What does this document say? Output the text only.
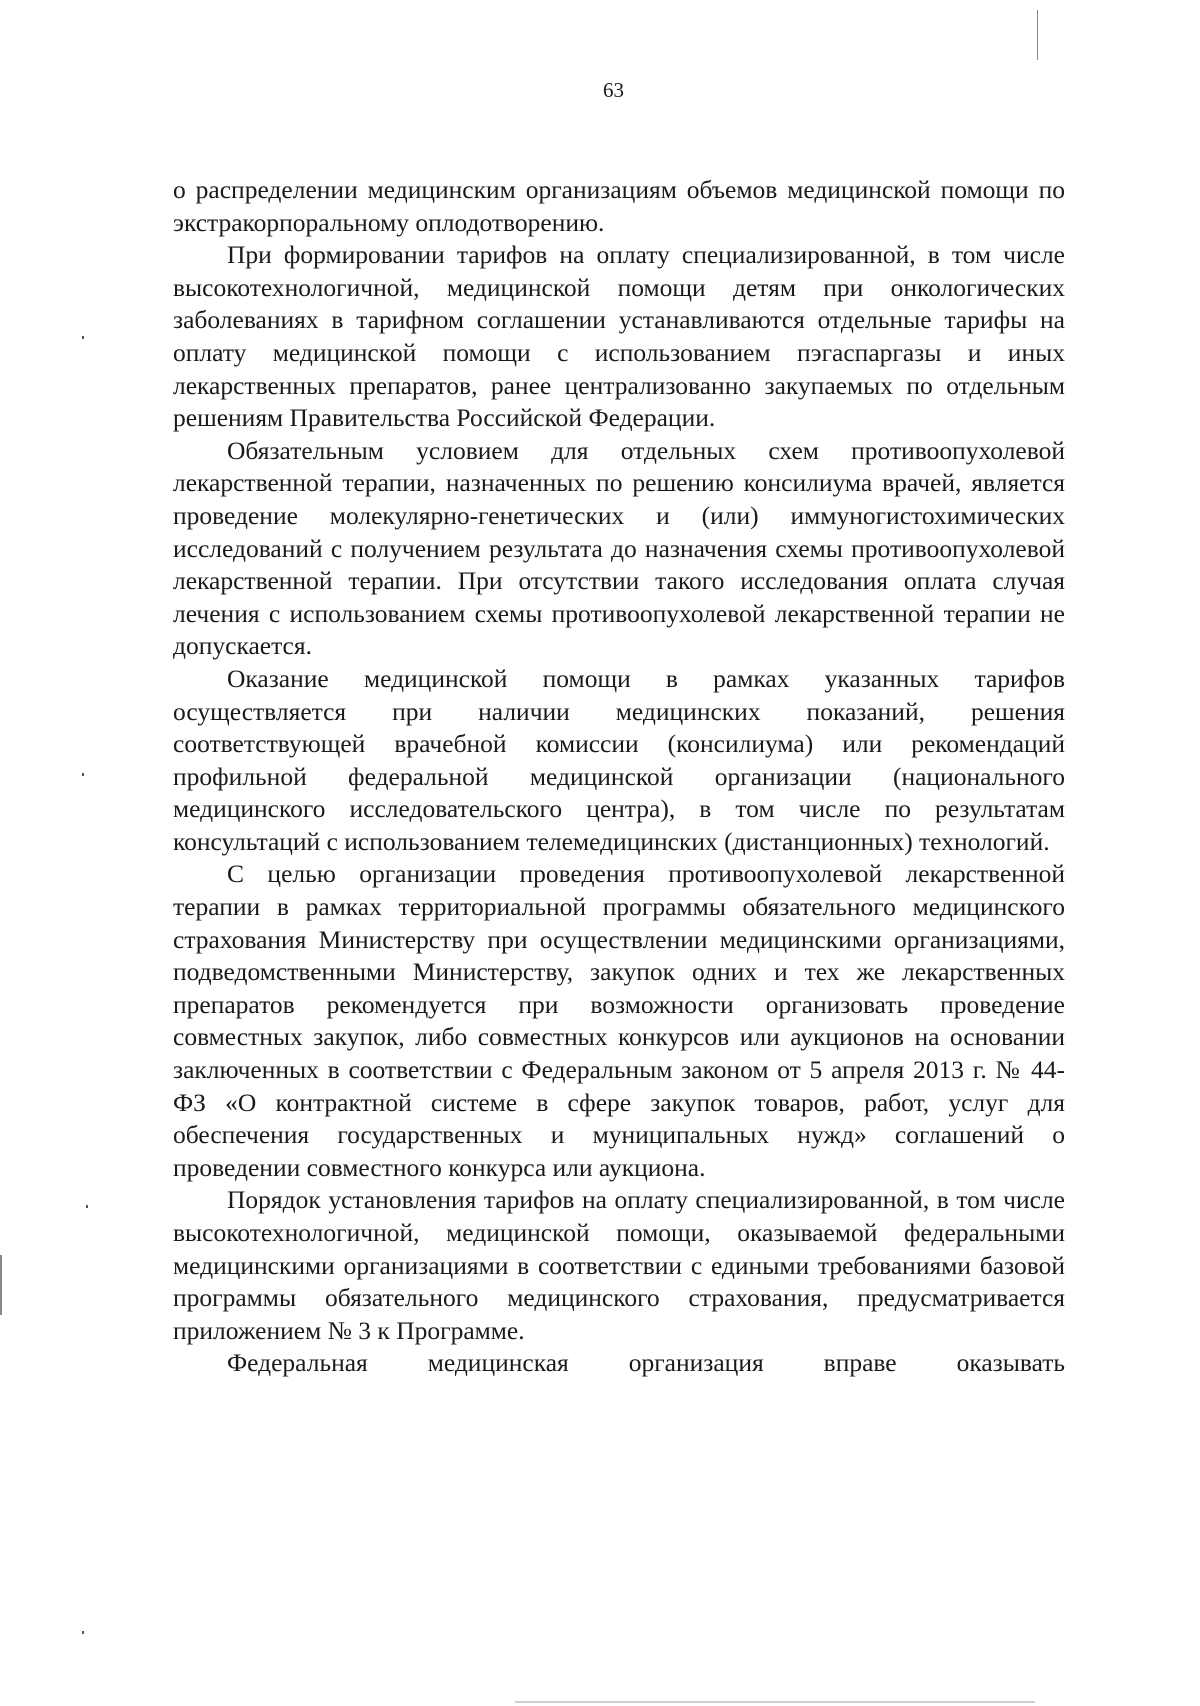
63

о распределении медицинским организациям объемов медицинской помощи по экстракорпоральному оплодотворению.

При формировании тарифов на оплату специализированной, в том числе высокотехнологичной, медицинской помощи детям при онкологических заболеваниях в тарифном соглашении устанавливаются отдельные тарифы на оплату медицинской помощи с использованием пэгаспаргазы и иных лекарственных препаратов, ранее централизованно закупаемых по отдельным решениям Правительства Российской Федерации.

Обязательным условием для отдельных схем противоопухолевой лекарственной терапии, назначенных по решению консилиума врачей, является проведение молекулярно-генетических и (или) иммуногистохимических исследований с получением результата до назначения схемы противоопухолевой лекарственной терапии. При отсутствии такого исследования оплата случая лечения с использованием схемы противоопухолевой лекарственной терапии не допускается.

Оказание медицинской помощи в рамках указанных тарифов осуществляется при наличии медицинских показаний, решения соответствующей врачебной комиссии (консилиума) или рекомендаций профильной федеральной медицинской организации (национального медицинского исследовательского центра), в том числе по результатам консультаций с использованием телемедицинских (дистанционных) технологий.

С целью организации проведения противоопухолевой лекарственной терапии в рамках территориальной программы обязательного медицинского страхования Министерству при осуществлении медицинскими организациями, подведомственными Министерству, закупок одних и тех же лекарственных препаратов рекомендуется при возможности организовать проведение совместных закупок, либо совместных конкурсов или аукционов на основании заключенных в соответствии с Федеральным законом от 5 апреля 2013 г. № 44-ФЗ «О контрактной системе в сфере закупок товаров, работ, услуг для обеспечения государственных и муниципальных нужд» соглашений о проведении совместного конкурса или аукциона.

Порядок установления тарифов на оплату специализированной, в том числе высокотехнологичной, медицинской помощи, оказываемой федеральными медицинскими организациями в соответствии с едиными требованиями базовой программы обязательного медицинского страхования, предусматривается приложением № 3 к Программе.

Федеральная медицинская организация вправе оказывать
